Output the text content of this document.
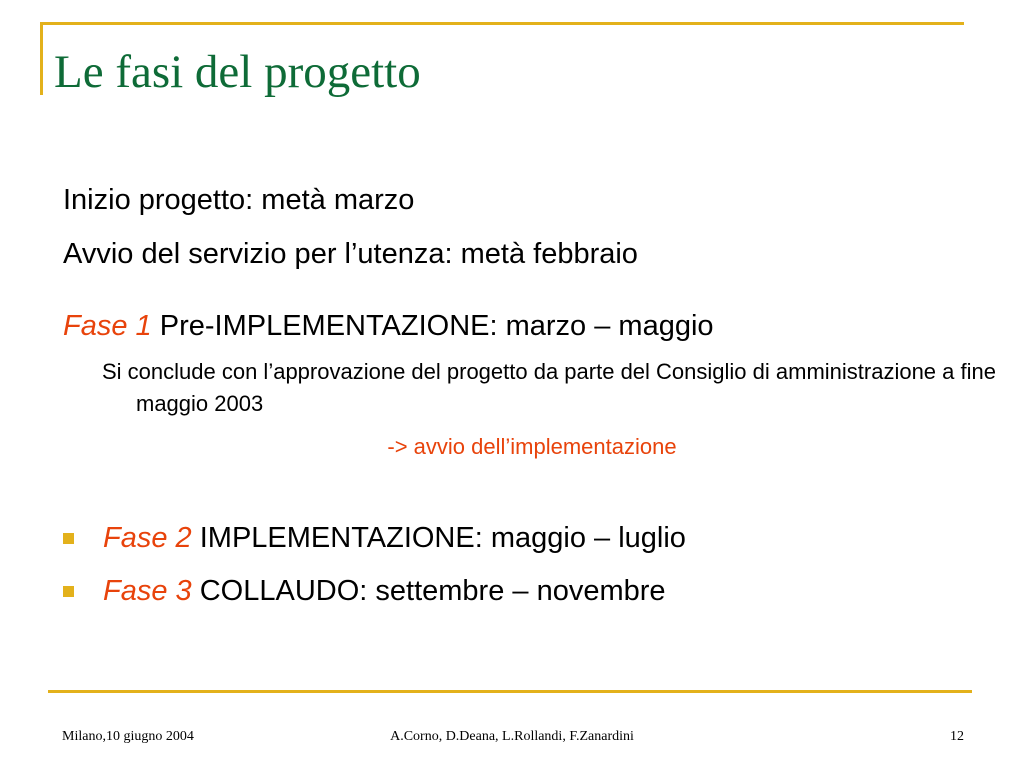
Le fasi del progetto
Inizio progetto: metà marzo
Avvio del servizio per l’utenza: metà febbraio
Fase 1 Pre-IMPLEMENTAZIONE: marzo – maggio
Si conclude con l’approvazione del progetto da parte del Consiglio di amministrazione a fine maggio 2003
-> avvio dell’implementazione
Fase 2 IMPLEMENTAZIONE: maggio – luglio
Fase 3 COLLAUDO: settembre – novembre
Milano,10 giugno 2004	A.Corno, D.Deana, L.Rollandi, F.Zanardini	12
